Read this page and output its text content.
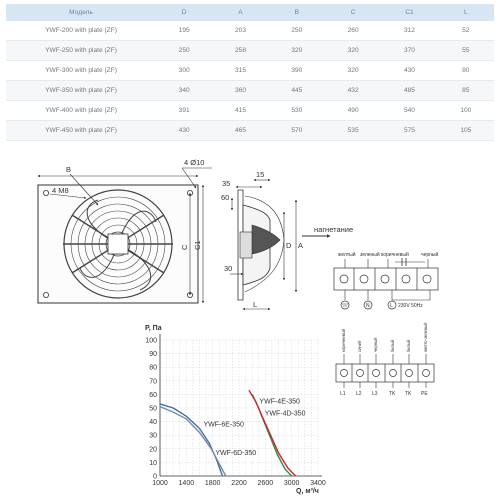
Модель	D	A	B	C	C1	L
YWF-200 with plate (ZF)	195	203	250	260	312	52
YWF-250 with plate (ZF)	250	258	320	320	370	55
YWF-300 with plate (ZF)	300	315	390	320	430	80
YWF-350 with plate (ZF)	340	360	445	432	485	85
YWF-400 with plate (ZF)	391	415	530	490	540	100
YWF-450 with plate (ZF)	430	465	570	535	575	105
B
4 Ø10
4 M8
C C1
35
15
60
30
L
D A
нагнетание
желтый зеленый коричневый черный
N	L 230V 50Hz
коричневый	синий	черный	белый	белый	желто-зеленый
L1 L2 L3 TK TK PE
P, Па
Q, м³/ч
0
10
20
30
40
50
60
70
80
90
100
1000 1400 1800 2200 2600 3000 3400
YWF-4E-350
YWF-4D-350
YWF-6E-350
YWF-6D-350
